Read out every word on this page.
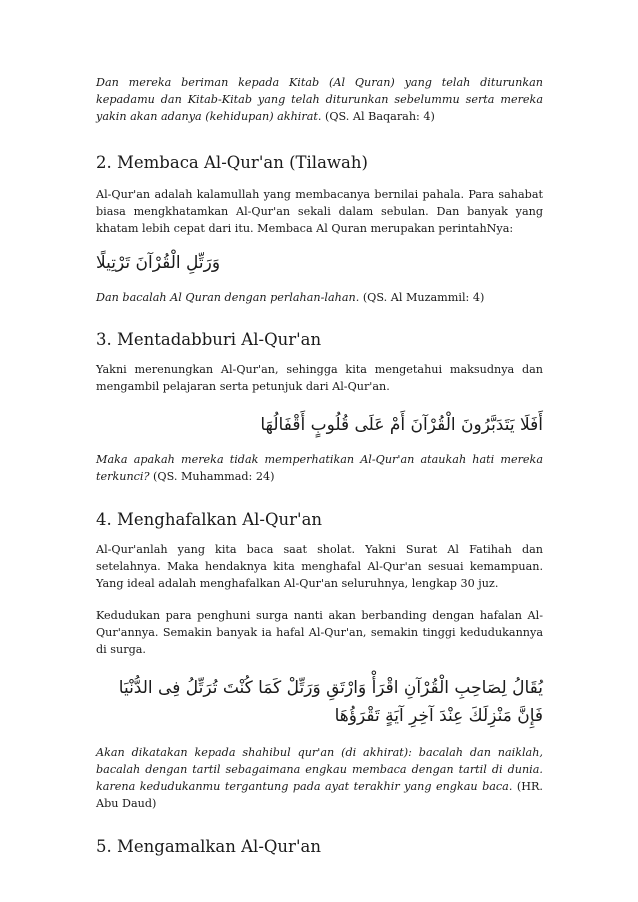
Dan mereka beriman kepada Kitab (Al Quran) yang telah diturunkan kepadamu dan Kitab-Kitab yang telah diturunkan sebelummu serta mereka yakin akan adanya (kehidupan) akhirat. (QS. Al Baqarah: 4)

2. Membaca Al-Qur'an (Tilawah)

Al-Qur'an adalah kalamullah yang membacanya bernilai pahala. Para sahabat biasa mengkhatamkan Al-Qur'an sekali dalam sebulan. Dan banyak yang khatam lebih cepat dari itu. Membaca Al Quran merupakan perintahNya:

وَرَتِّلِ الْقُرْآنَ تَرْتِيلًا

Dan bacalah Al Quran dengan perlahan-lahan. (QS. Al Muzammil: 4)

3. Mentadabburi Al-Qur'an

Yakni merenungkan Al-Qur'an, sehingga kita mengetahui maksudnya dan mengambil pelajaran serta petunjuk dari Al-Qur'an.

أَفَلَا يَتَدَبَّرُونَ الْقُرْآنَ أَمْ عَلَى قُلُوبٍ أَقْفَالُهَا

Maka apakah mereka tidak memperhatikan Al-Qur'an ataukah hati mereka terkunci? (QS. Muhammad: 24)

4. Menghafalkan Al-Qur'an

Al-Qur'anlah yang kita baca saat sholat. Yakni Surat Al Fatihah dan setelahnya. Maka hendaknya kita menghafal Al-Qur'an sesuai kemampuan. Yang ideal adalah menghafalkan Al-Qur'an seluruhnya, lengkap 30 juz.

Kedudukan para penghuni surga nanti akan berbanding dengan hafalan Al-Qur'annya. Semakin banyak ia hafal Al-Qur'an, semakin tinggi kedudukannya di surga.

يُقَالُ لِصَاحِبِ الْقُرْآنِ اقْرَأْ وَارْتَقِ وَرَتِّلْ كَمَا كُنْتَ تُرَتِّلُ فِى الدُّنْيَا فَإِنَّ مَنْزِلَكَ عِنْدَ آخِرِ آيَةٍ تَقْرَؤُهَا

Akan dikatakan kepada shahibul qur'an (di akhirat): bacalah dan naiklah, bacalah dengan tartil sebagaimana engkau membaca dengan tartil di dunia. karena kedudukanmu tergantung pada ayat terakhir yang engkau baca. (HR. Abu Daud)

5. Mengamalkan Al-Qur'an
